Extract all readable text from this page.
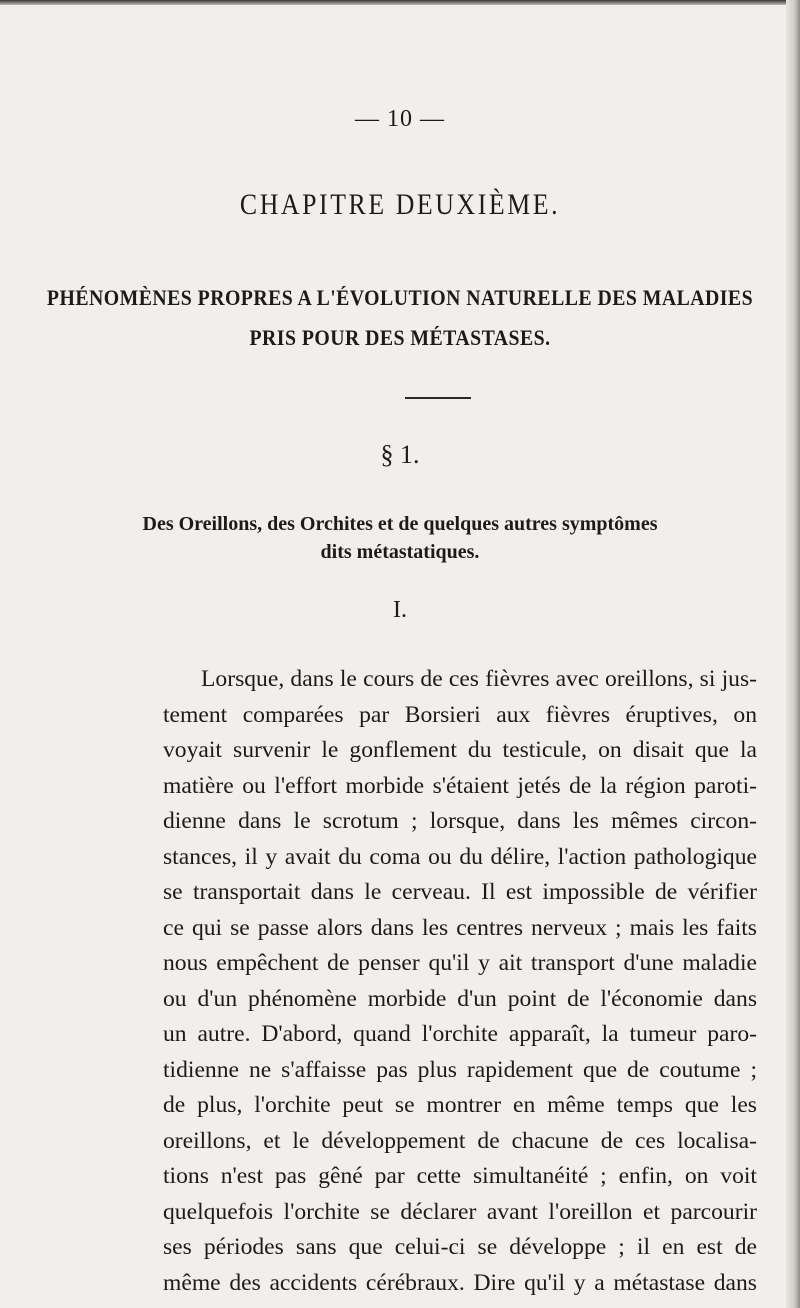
— 10 —
CHAPITRE DEUXIÈME.
PHÉNOMÈNES PROPRES A L'ÉVOLUTION NATURELLE DES MALADIES
PRIS POUR DES MÉTASTASES.
§ 1.
Des Oreillons, des Orchites et de quelques autres symptômes
dits métastatiques.
I.
Lorsque, dans le cours de ces fièvres avec oreillons, si jus-
tement comparées par Borsieri aux fièvres éruptives, on
voyait survenir le gonflement du testicule, on disait que la
matière ou l'effort morbide s'étaient jetés de la région paroti-
dienne dans le scrotum ; lorsque, dans les mêmes circon-
stances, il y avait du coma ou du délire, l'action pathologique
se transportait dans le cerveau. Il est impossible de vérifier
ce qui se passe alors dans les centres nerveux ; mais les faits
nous empêchent de penser qu'il y ait transport d'une maladie
ou d'un phénomène morbide d'un point de l'économie dans
un autre. D'abord, quand l'orchite apparaît, la tumeur paro-
tidienne ne s'affaisse pas plus rapidement que de coutume ;
de plus, l'orchite peut se montrer en même temps que les
oreillons, et le développement de chacune de ces localisa-
tions n'est pas gêné par cette simultanéité ; enfin, on voit
quelquefois l'orchite se déclarer avant l'oreillon et parcourir
ses périodes sans que celui-ci se développe ; il en est de
même des accidents cérébraux. Dire qu'il y a métastase dans
